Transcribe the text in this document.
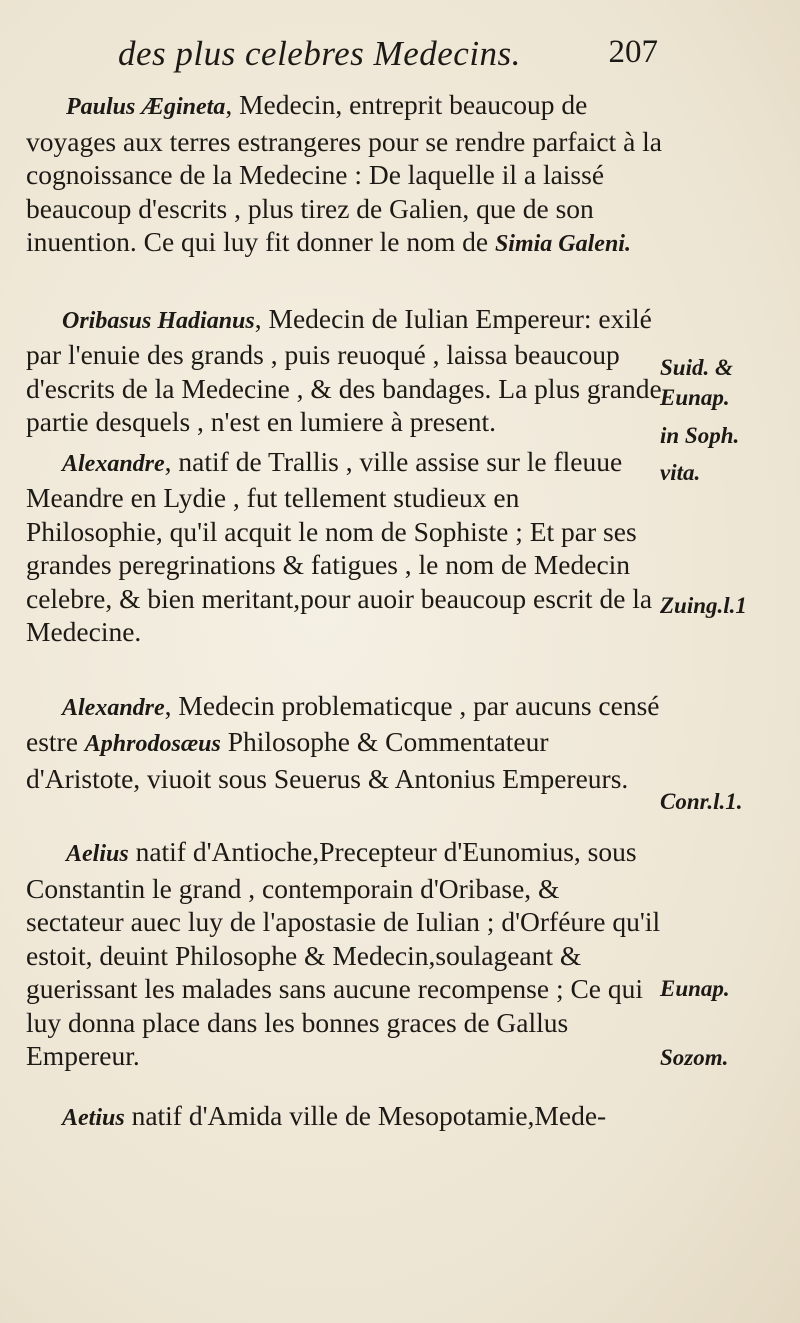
des plus celebres Medecins.	207

Paulus Ægineta, Medecin, entreprit beaucoup de voyages aux terres estrangeres pour se rendre parfaict à la cognoissance de la Medecine : De laquelle il a laissé beaucoup d'escrits , plus tirez de Galien, que de son inuention. Ce qui luy fit donner le nom de Simia Galeni.

Oribasus Hadianus, Medecin de Iulian Empereur: exilé par l'enuie des grands , puis reuoqué , laissa beaucoup d'escrits de la Medecine , & des bandages. La plus grande partie desquels , n'est en lumiere à present.

Alexandre, natif de Trallis , ville assise sur le fleuue Meandre en Lydie , fut tellement studieux en Philosophie, qu'il acquit le nom de Sophiste ; Et par ses grandes peregrinations & fatigues , le nom de Medecin celebre, & bien meritant,pour auoir beaucoup escrit de la Medecine.

Alexandre, Medecin problematicque , par aucuns censé estre Aphrodosæus Philosophe & Commentateur d'Aristote, viuoit sous Seuerus & Antonius Empereurs.

Aelius natif d'Antioche,Precepteur d'Eunomius, sous Constantin le grand , contemporain d'Oribase, & sectateur auec luy de l'apostasie de Iulian ; d'Orféure qu'il estoit, deuint Philosophe & Medecin,soulageant & guerissant les malades sans aucune recompense ; Ce qui luy donna place dans les bonnes graces de Gallus Empereur.

Aetius natif d'Amida ville de Mesopotamie,Mede-

Suid. &
Eunap.
in Soph.
vita.
Zuing.l.1
Conr.l.1.
Eunap.
Sozom.
